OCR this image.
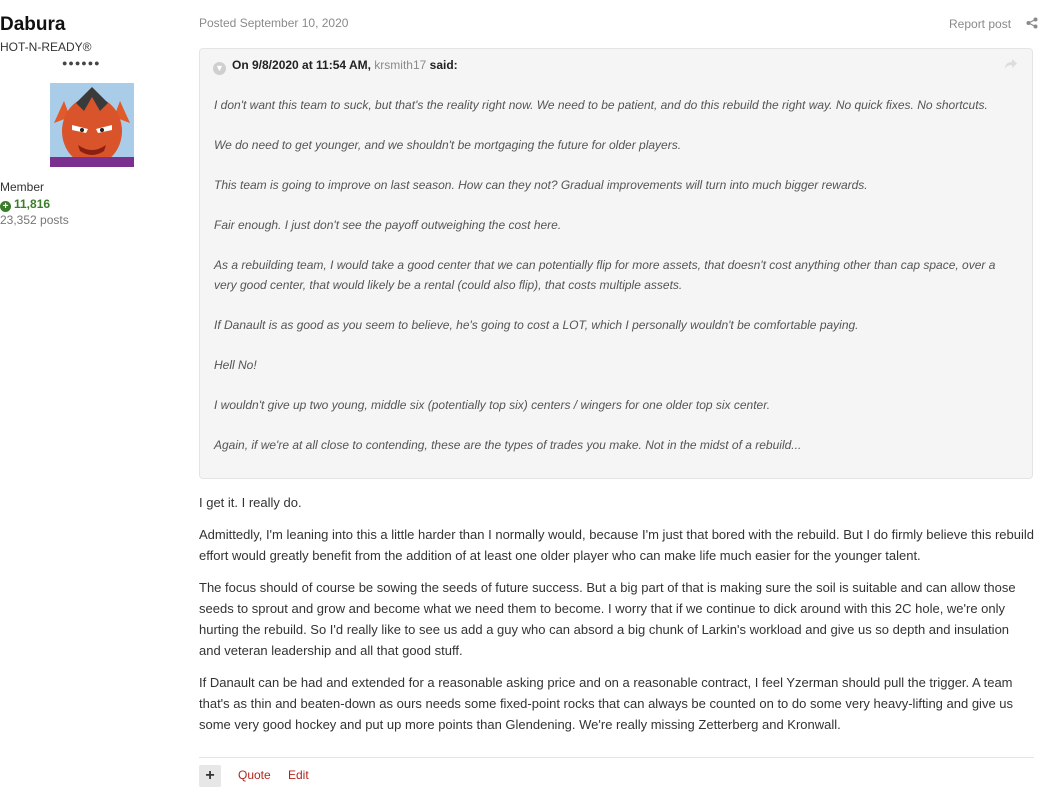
Dabura
HOT-N-READY®
●●●●●●
Member
+ 11,816
23,352 posts
Posted September 10, 2020	Report post
▼ On 9/8/2020 at 11:54 AM, krsmith17 said:

I don't want this team to suck, but that's the reality right now. We need to be patient, and do this rebuild the right way. No quick fixes. No shortcuts.

We do need to get younger, and we shouldn't be mortgaging the future for older players.

This team is going to improve on last season. How can they not? Gradual improvements will turn into much bigger rewards.

Fair enough. I just don't see the payoff outweighing the cost here.

As a rebuilding team, I would take a good center that we can potentially flip for more assets, that doesn't cost anything other than cap space, over a very good center, that would likely be a rental (could also flip), that costs multiple assets.

If Danault is as good as you seem to believe, he's going to cost a LOT, which I personally wouldn't be comfortable paying.

Hell No!

I wouldn't give up two young, middle six (potentially top six) centers / wingers for one older top six center.

Again, if we're at all close to contending, these are the types of trades you make. Not in the midst of a rebuild...

I get it. I really do.

Admittedly, I'm leaning into this a little harder than I normally would, because I'm just that bored with the rebuild. But I do firmly believe this rebuild effort would greatly benefit from the addition of at least one older player who can make life much easier for the younger talent.

The focus should of course be sowing the seeds of future success. But a big part of that is making sure the soil is suitable and can allow those seeds to sprout and grow and become what we need them to become. I worry that if we continue to dick around with this 2C hole, we're only hurting the rebuild. So I'd really like to see us add a guy who can absord a big chunk of Larkin's workload and give us so depth and insulation and veteran leadership and all that good stuff.

If Danault can be had and extended for a reasonable asking price and on a reasonable contract, I feel Yzerman should pull the trigger. A team that's as thin and beaten-down as ours needs some fixed-point rocks that can always be counted on to do some very heavy-lifting and give us some very good hockey and put up more points than Glendening. We're really missing Zetterberg and Kronwall.

+	Quote Edit
